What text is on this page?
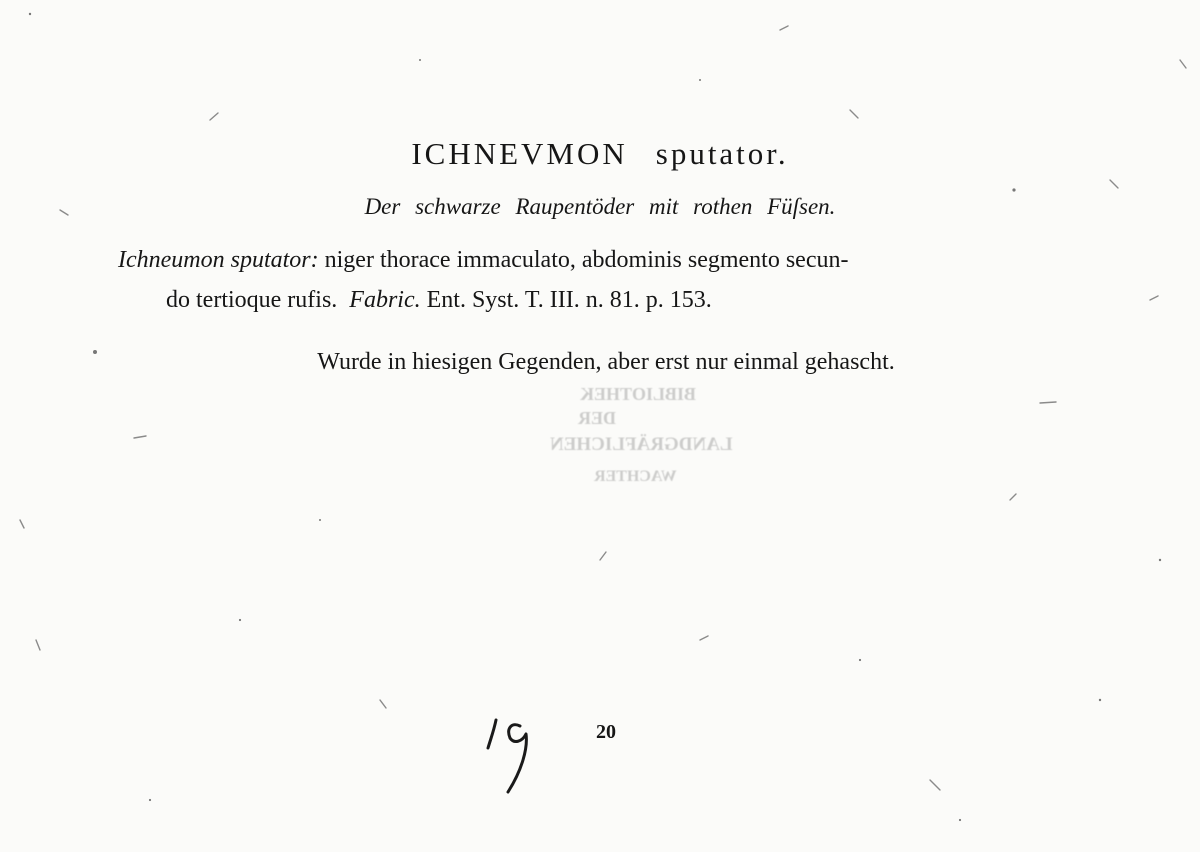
ICHNEVMON sputator.
Der schwarze Raupentöder mit rothen Füſsen.
Ichneumon sputator: niger thorace immaculato, abdominis segmento secun-
do tertioque rufis. Fabric. Ent. Syst. T. III. n. 81. p. 153.
Wurde in hiesigen Gegenden, aber erst nur einmal gehascht.
BIBLIOTHEK
DER
LANDGRÄFLICHEN
WACHTER
20
